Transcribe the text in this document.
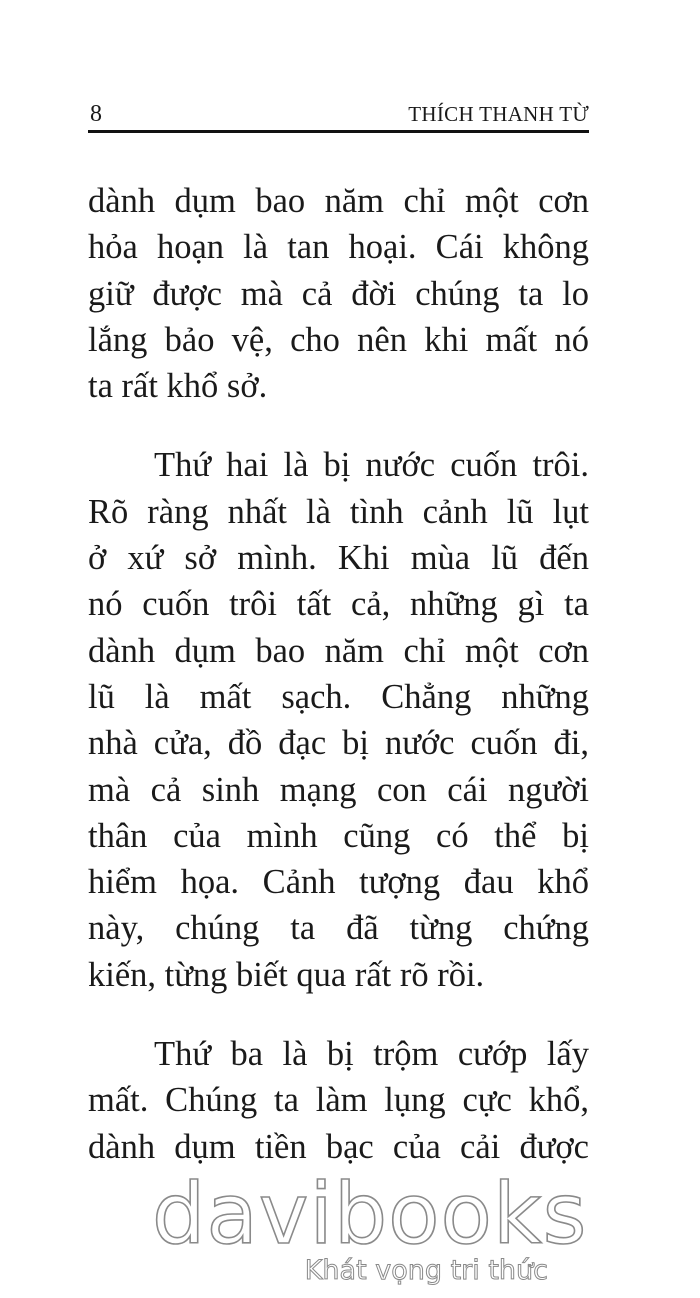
8	THÍCH THANH TỪ
dành dụm bao năm chỉ một cơn
hỏa hoạn là tan hoại. Cái không
giữ được mà cả đời chúng ta lo
lắng bảo vệ, cho nên khi mất nó
ta rất khổ sở.
Thứ hai là bị nước cuốn trôi.
Rõ ràng nhất là tình cảnh lũ lụt
ở xứ sở mình. Khi mùa lũ đến
nó cuốn trôi tất cả, những gì ta
dành dụm bao năm chỉ một cơn
lũ là mất sạch. Chẳng những
nhà cửa, đồ đạc bị nước cuốn đi,
mà cả sinh mạng con cái người
thân của mình cũng có thể bị
hiểm họa. Cảnh tượng đau khổ
này, chúng ta đã từng chứng
kiến, từng biết qua rất rõ rồi.
Thứ ba là bị trộm cướp lấy
mất. Chúng ta làm lụng cực khổ,
dành dụm tiền bạc của cải được
davibooks
Khát vọng tri thức
